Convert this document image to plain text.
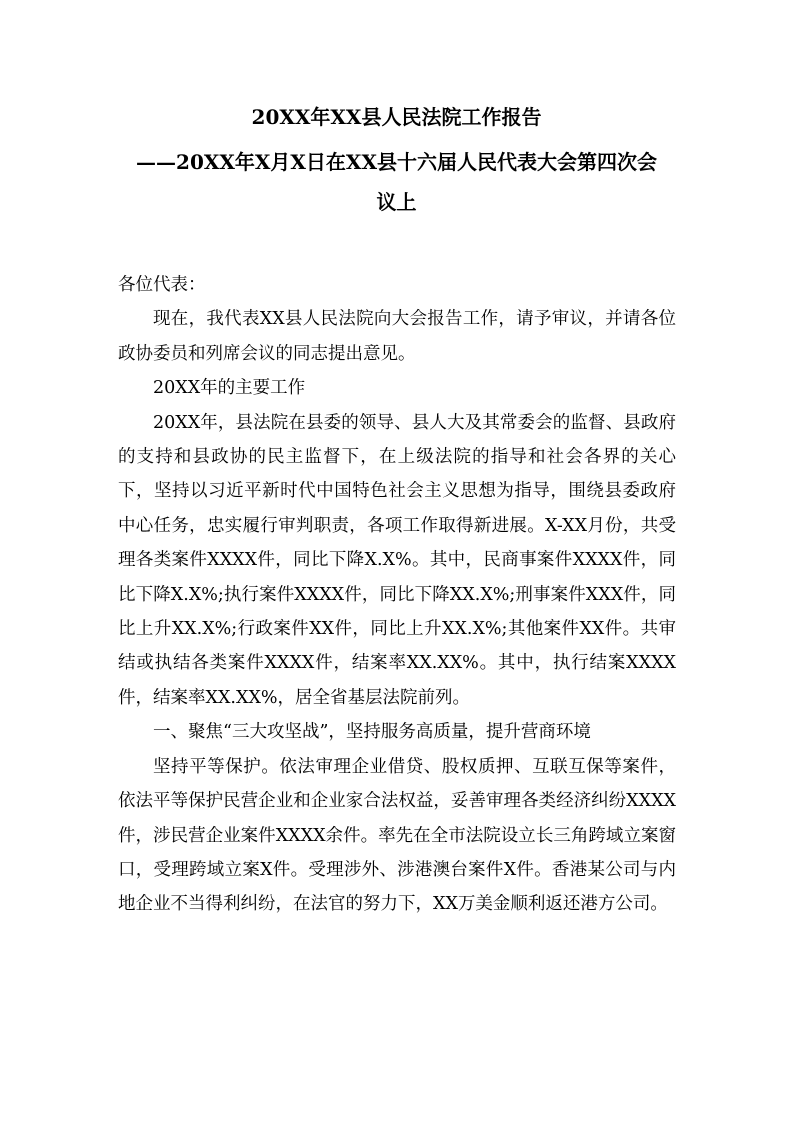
20XX年XX县人民法院工作报告
——20XX年X月X日在XX县十六届人民代表大会第四次会
议上

各位代表：

现在，我代表XX县人民法院向大会报告工作，请予审议，并请各位政协委员和列席会议的同志提出意见。

20XX年的主要工作

20XX年，县法院在县委的领导、县人大及其常委会的监督、县政府的支持和县政协的民主监督下，在上级法院的指导和社会各界的关心下，坚持以习近平新时代中国特色社会主义思想为指导，围绕县委政府中心任务，忠实履行审判职责，各项工作取得新进展。X-XX月份，共受理各类案件XXXX件，同比下降X.X%。其中，民商事案件XXXX件，同比下降X.X%;执行案件XXXX件，同比下降XX.X%;刑事案件XXX件，同比上升XX.X%;行政案件XX件，同比上升XX.X%;其他案件XX件。共审结或执结各类案件XXXX件，结案率XX.XX%。其中，执行结案XXXX件，结案率XX.XX%，居全省基层法院前列。

一、聚焦“三大攻坚战”，坚持服务高质量，提升营商环境

坚持平等保护。依法审理企业借贷、股权质押、互联互保等案件，依法平等保护民营企业和企业家合法权益，妥善审理各类经济纠纷XXXX件，涉民营企业案件XXXX余件。率先在全市法院设立长三角跨域立案窗口，受理跨域立案X件。受理涉外、涉港澳台案件X件。香港某公司与内地企业不当得利纠纷，在法官的努力下，XX万美金顺利返还港方公司。
